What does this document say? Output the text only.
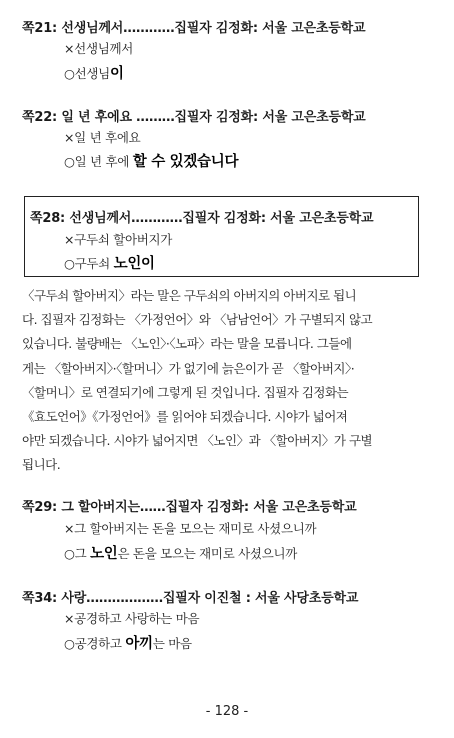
쪽21: 선생님께서…………집필자 김정화: 서울 고은초등학교
×선생님께서
○선생님이
쪽22: 일 년 후에요 ………집필자 김정화: 서울 고은초등학교
×일 년 후에요
○일 년 후에 할 수 있겠습니다
쪽28: 선생님께서…………집필자 김정화: 서울 고은초등학교
×구두쇠 할아버지가
○구두쇠 노인이

〈구두쇠 할아버지〉라는 말은 구두쇠의 아버지의 아버지로 됩니
다. 집필자 김정화는 〈가정언어〉와 〈남남언어〉가 구별되지 않고
있습니다. 불량배는 〈노인〉·〈노파〉라는 말을 모릅니다. 그들에
게는 〈할아버지〉·〈할머니〉가 없기에 늙은이가 곧 〈할아버지〉·
〈할머니〉로 연결되기에 그렇게 된 것입니다. 집필자 김정화는
《효도언어》《가정언어》를 읽어야 되겠습니다. 시야가 넓어져
야만 되겠습니다. 시야가 넓어지면 〈노인〉과 〈할아버지〉가 구별
됩니다.

쪽29: 그 할아버지는……집필자 김정화: 서울 고은초등학교
×그 할아버지는 돈을 모으는 재미로 사셨으니까
○그 노인은 돈을 모으는 재미로 사셨으니까
쪽34: 사랑………………집필자 이진철 : 서울 사당초등학교
×공경하고 사랑하는 마음
○공경하고 아끼는 마음
- 128 -
